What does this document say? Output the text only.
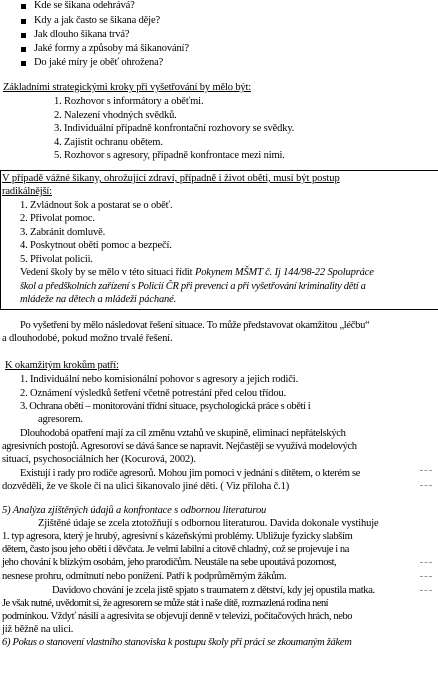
Kde se šikana odehrává?
Kdy a jak často se šikana děje?
Jak dlouho šikana trvá?
Jaké formy a způsoby má šikanování?
Do jaké míry je oběť ohrožena?
Základními strategickými kroky při vyšetřování by mělo být:
1. Rozhovor s informátory a oběťmi.
2. Nalezení vhodných svědků.
3. Individuální případně konfrontační rozhovory se svědky.
4. Zajistit ochranu obětem.
5. Rozhovor s agresory, případně konfrontace mezi nimi.
V případě vážné šikany, ohrožující zdraví, případně i život oběti, musí být postup
radikálnější:
1. Zvládnout šok a postarat se o oběť.
2. Přivolat pomoc.
3. Zabránit domluvě.
4. Poskytnout oběti pomoc a bezpečí.
5. Přivolat policii.
Vedení školy by se mělo v této situaci řídit Pokynem MŠMT č. Ij 144/98-22 Spolupráce
škol a předškolních zařízení s Policií ČR při prevenci a při vyšetřování kriminality dětí a
mládeže na dětech a mládeži páchané.
Po vyšetření by mělo následovat řešení situace. To může představovat okamžitou „léčbu“
a dlouhodobé, pokud možno trvalé řešení.
K okamžitým krokům patří:
1. Individuální nebo komisionální pohovor s agresory a jejich rodiči.
2. Oznámení výsledků šetření včetně potrestání před celou třídou.
3. Ochrana obětí – monitorování třídní situace, psychologická práce s obětí i
agresorem.
Dlouhodobá opatření mají za cíl změnu vztahů ve skupině, eliminaci nepřátelských
agresivních postojů. Agresorovi se dává šance se napravit. Nejčastěji se využívá modelových
situací, psychosociálních her (Kocurová, 2002).
Existují i rady pro rodiče agresorů. Mohou jim pomoci v jednání s dítětem, o kterém se
dozvěděli, že ve škole či na ulici šikanovalo jiné děti. ( Viz příloha č.1)
5) Analýza zjištěných údajů a konfrontace s odbornou literaturou
Zjištěné údaje se zcela ztotožňují s odbornou literaturou. Davida dokonale vystihuje
1. typ agresora, který je hrubý, agresivní s kázeňskými problémy. Ubližuje fyzicky slabším
dětem, často jsou jeho oběti i děvčata. Je velmi labilní a citově chladný, což se projevuje i na
jeho chování k blízkým osobám, jeho prarodičům. Neustále na sebe upoutává pozornost,
nesnese prohru, odmítnutí nebo ponížení. Patří k podprůměrným žákům.
Davidovo chování je zcela jistě spjato s traumatem z dětství, kdy jej opustila matka.
Je však nutné, uvědomit si, že agresorem se může stát i naše dítě, rozmazlená rodina není
podmínkou. Vždyť násilí a agresivita se objevují denně v televizi, počítačových hrách, nebo
jíž běžně na ulici.
6) Pokus o stanovení vlastního stanoviska k postupu školy při práci se zkoumaným žákem
